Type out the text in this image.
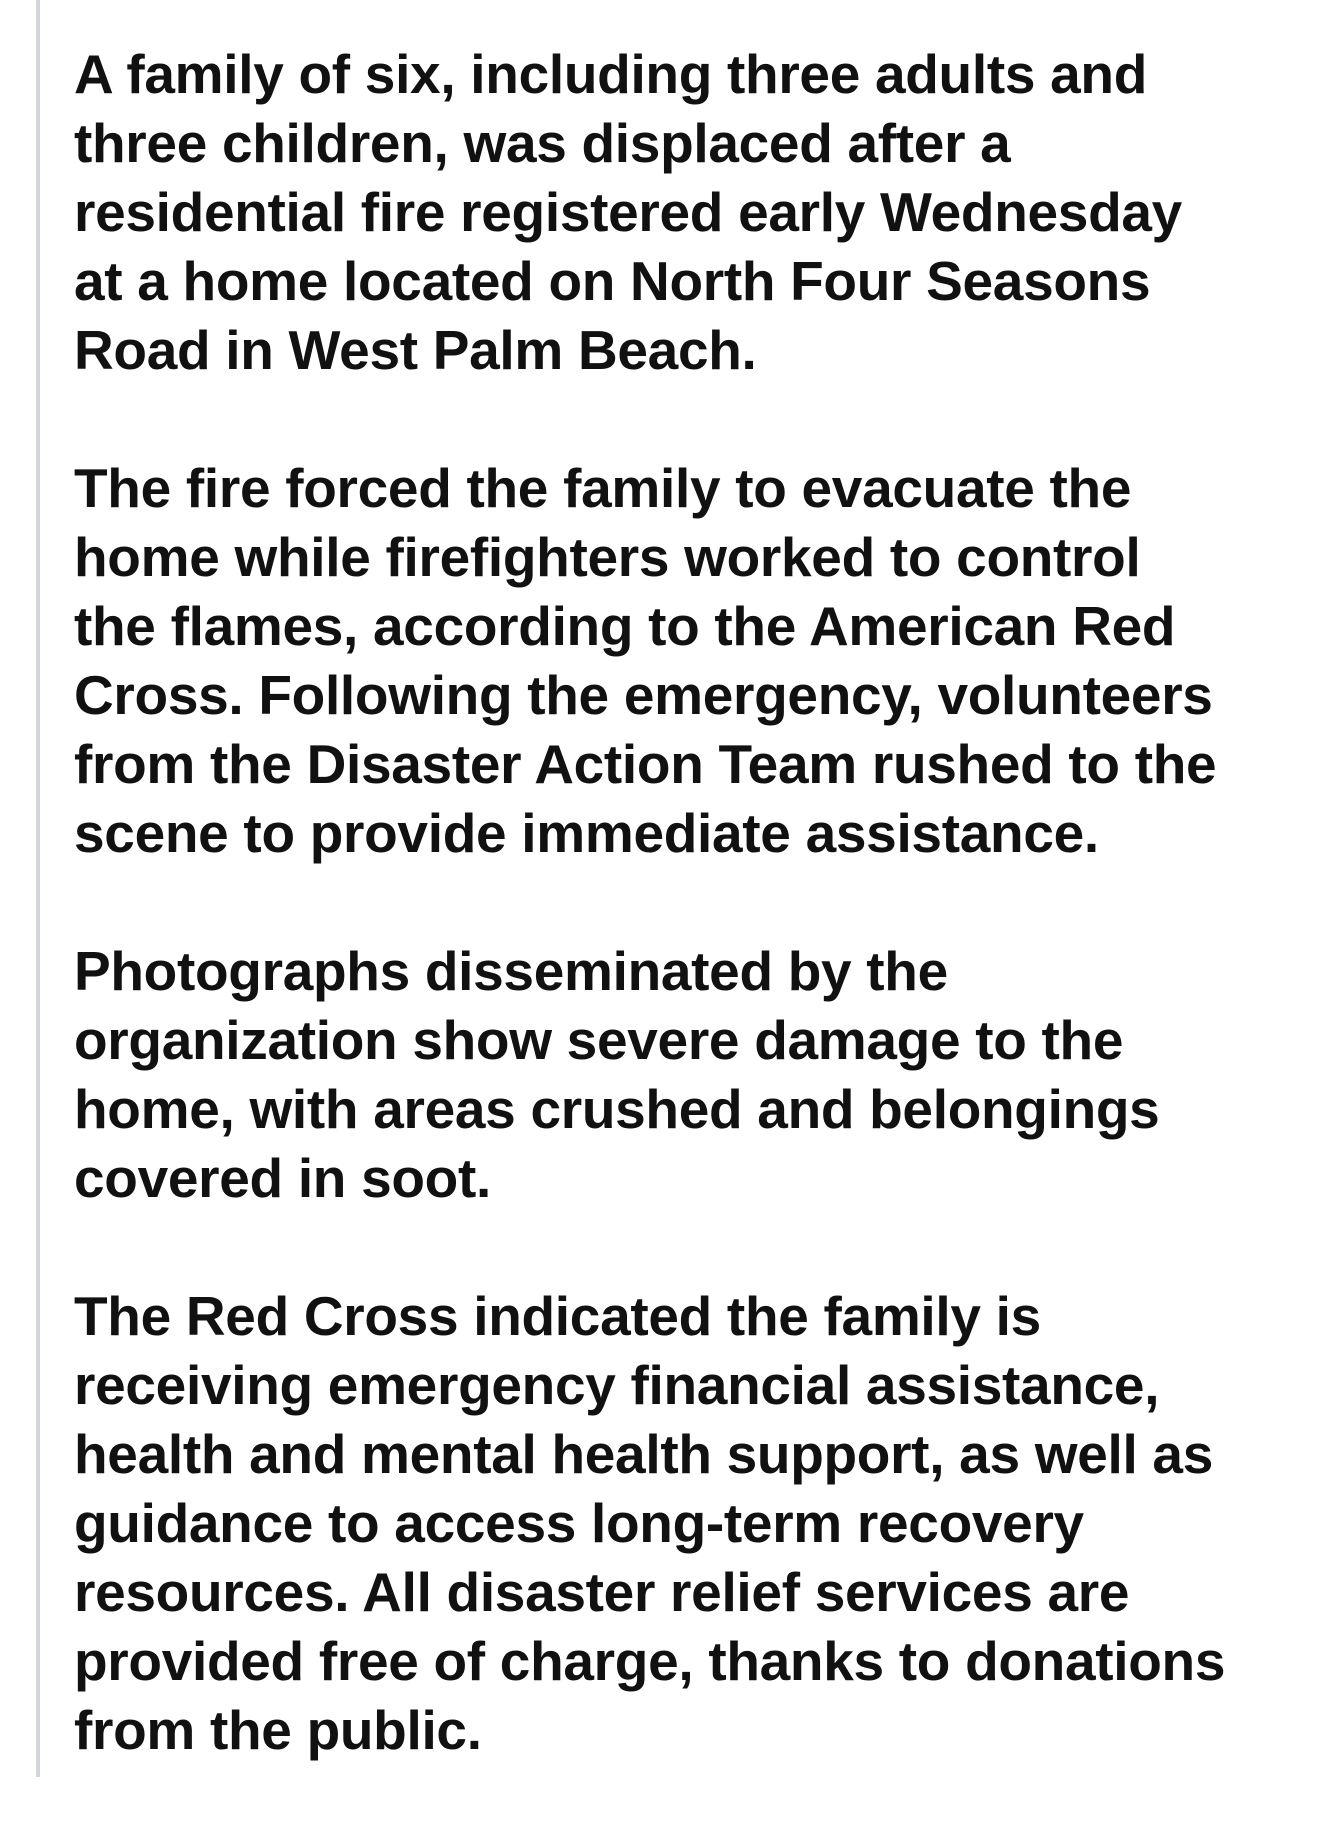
A family of six, including three adults and
three children, was displaced after a
residential fire registered early Wednesday
at a home located on North Four Seasons
Road in West Palm Beach.

The fire forced the family to evacuate the
home while firefighters worked to control
the flames, according to the American Red
Cross. Following the emergency, volunteers
from the Disaster Action Team rushed to the
scene to provide immediate assistance.

Photographs disseminated by the
organization show severe damage to the
home, with areas crushed and belongings
covered in soot.

The Red Cross indicated the family is
receiving emergency financial assistance,
health and mental health support, as well as
guidance to access long-term recovery
resources. All disaster relief services are
provided free of charge, thanks to donations
from the public.
